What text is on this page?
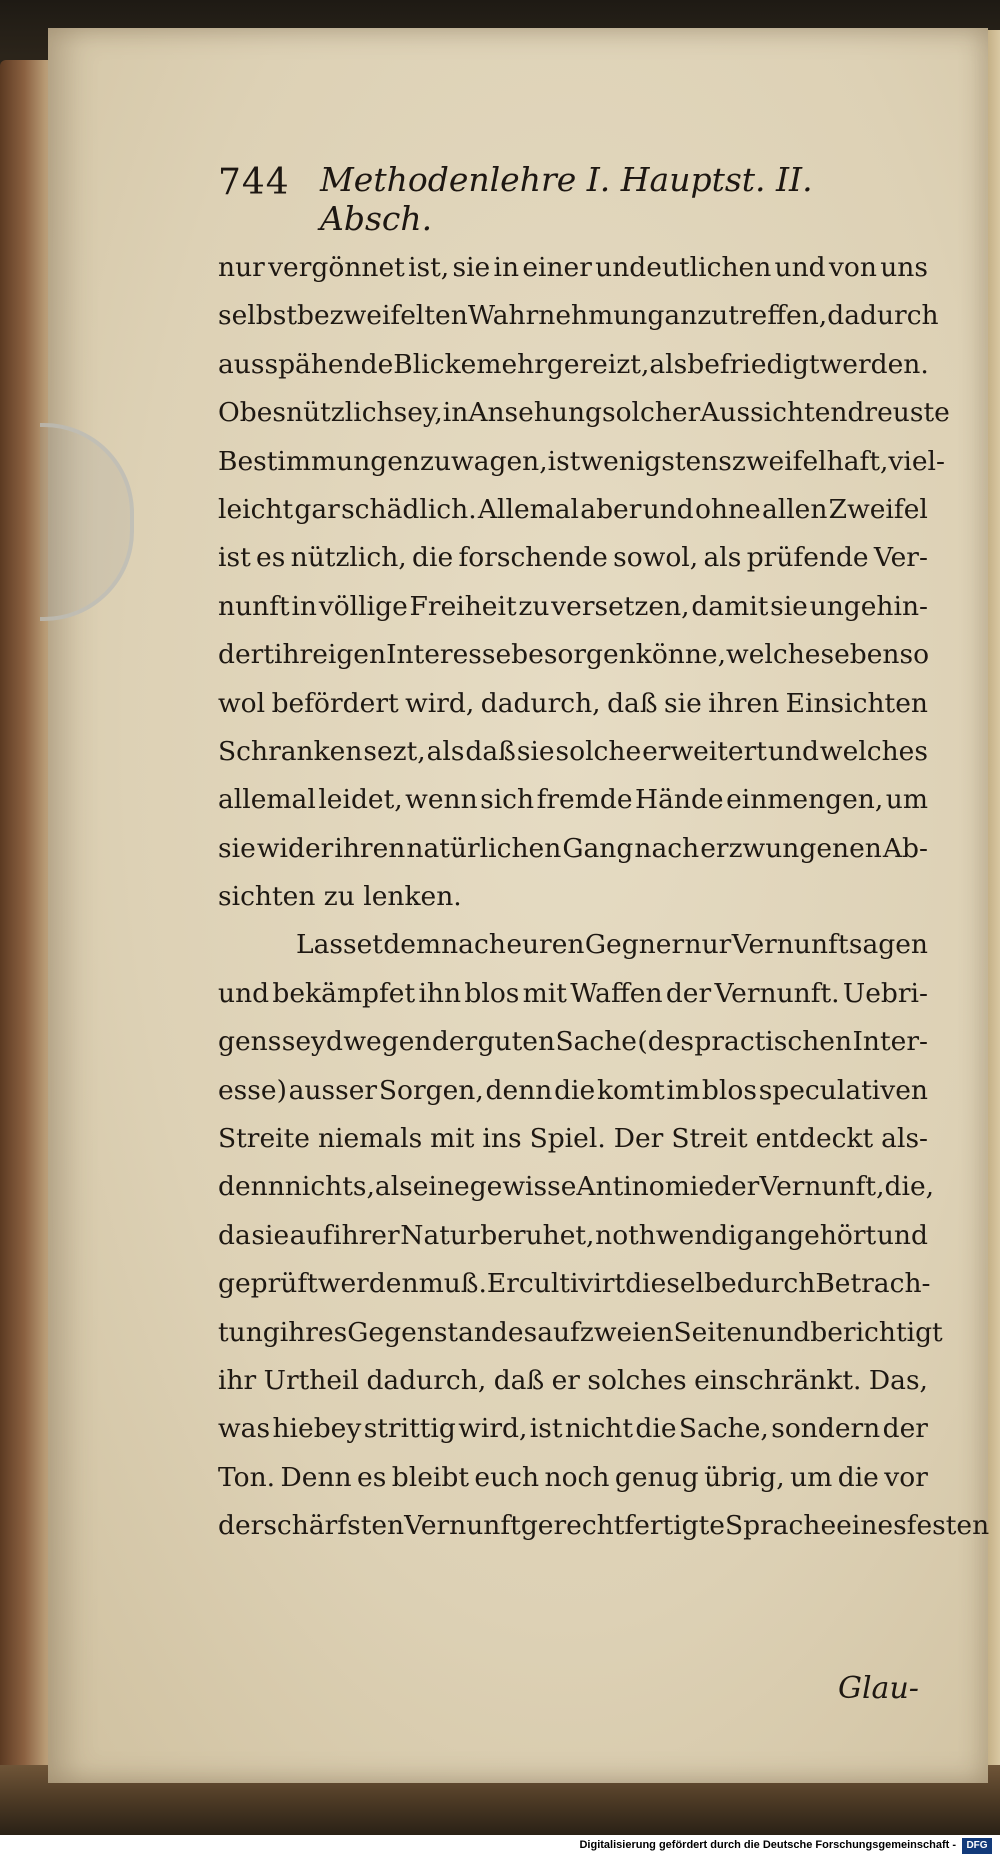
744 Methodenlehre I. Hauptst. II. Absch.
nur vergönnet ist, sie in einer undeutlichen und von uns
selbst bezweifelten Wahrnehmung anzutreffen, dadurch
ausspähende Blicke mehr gereizt, als befriedigt werden.
Ob es nützlich sey, in Ansehung solcher Aussichten dreuste
Bestimmungen zu wagen, ist wenigstens zweifelhaft, viel-
leicht gar schädlich. Allemal aber und ohne allen Zweifel
ist es nützlich, die forschende sowol, als prüfende Ver-
nunft in völlige Freiheit zu versetzen, damit sie ungehin-
dert ihr eigen Interesse besorgen könne, welches eben so
wol befördert wird, dadurch, daß sie ihren Einsichten
Schranken sezt, als daß sie solche erweitert und welches
allemal leidet, wenn sich fremde Hände einmengen, um
sie wider ihren natürlichen Gang nach erzwungenen Ab-
sichten zu lenken.
Lasset demnach euren Gegner nur Vernunft sagen
und bekämpfet ihn blos mit Waffen der Vernunft. Uebri-
gens seyd wegen der guten Sache (des practischen Inter-
esse) ausser Sorgen, denn die komt im blos speculativen
Streite niemals mit ins Spiel. Der Streit entdeckt als-
denn nichts, als eine gewisse Antinomie der Vernunft, die,
da sie auf ihrer Natur beruhet, nothwendig angehört und
geprüft werden muß. Er cultivirt dieselbe durch Betrach-
tung ihres Gegenstandes auf zweien Seiten und berichtigt
ihr Urtheil dadurch, daß er solches einschränkt. Das,
was hiebey strittig wird, ist nicht die Sache, sondern der
Ton. Denn es bleibt euch noch genug übrig, um die vor
der schärfsten Vernunft gerechtfertigte Sprache eines festen
Glau-
Digitalisierung gefördert durch die Deutsche Forschungsgemeinschaft -	DFG
